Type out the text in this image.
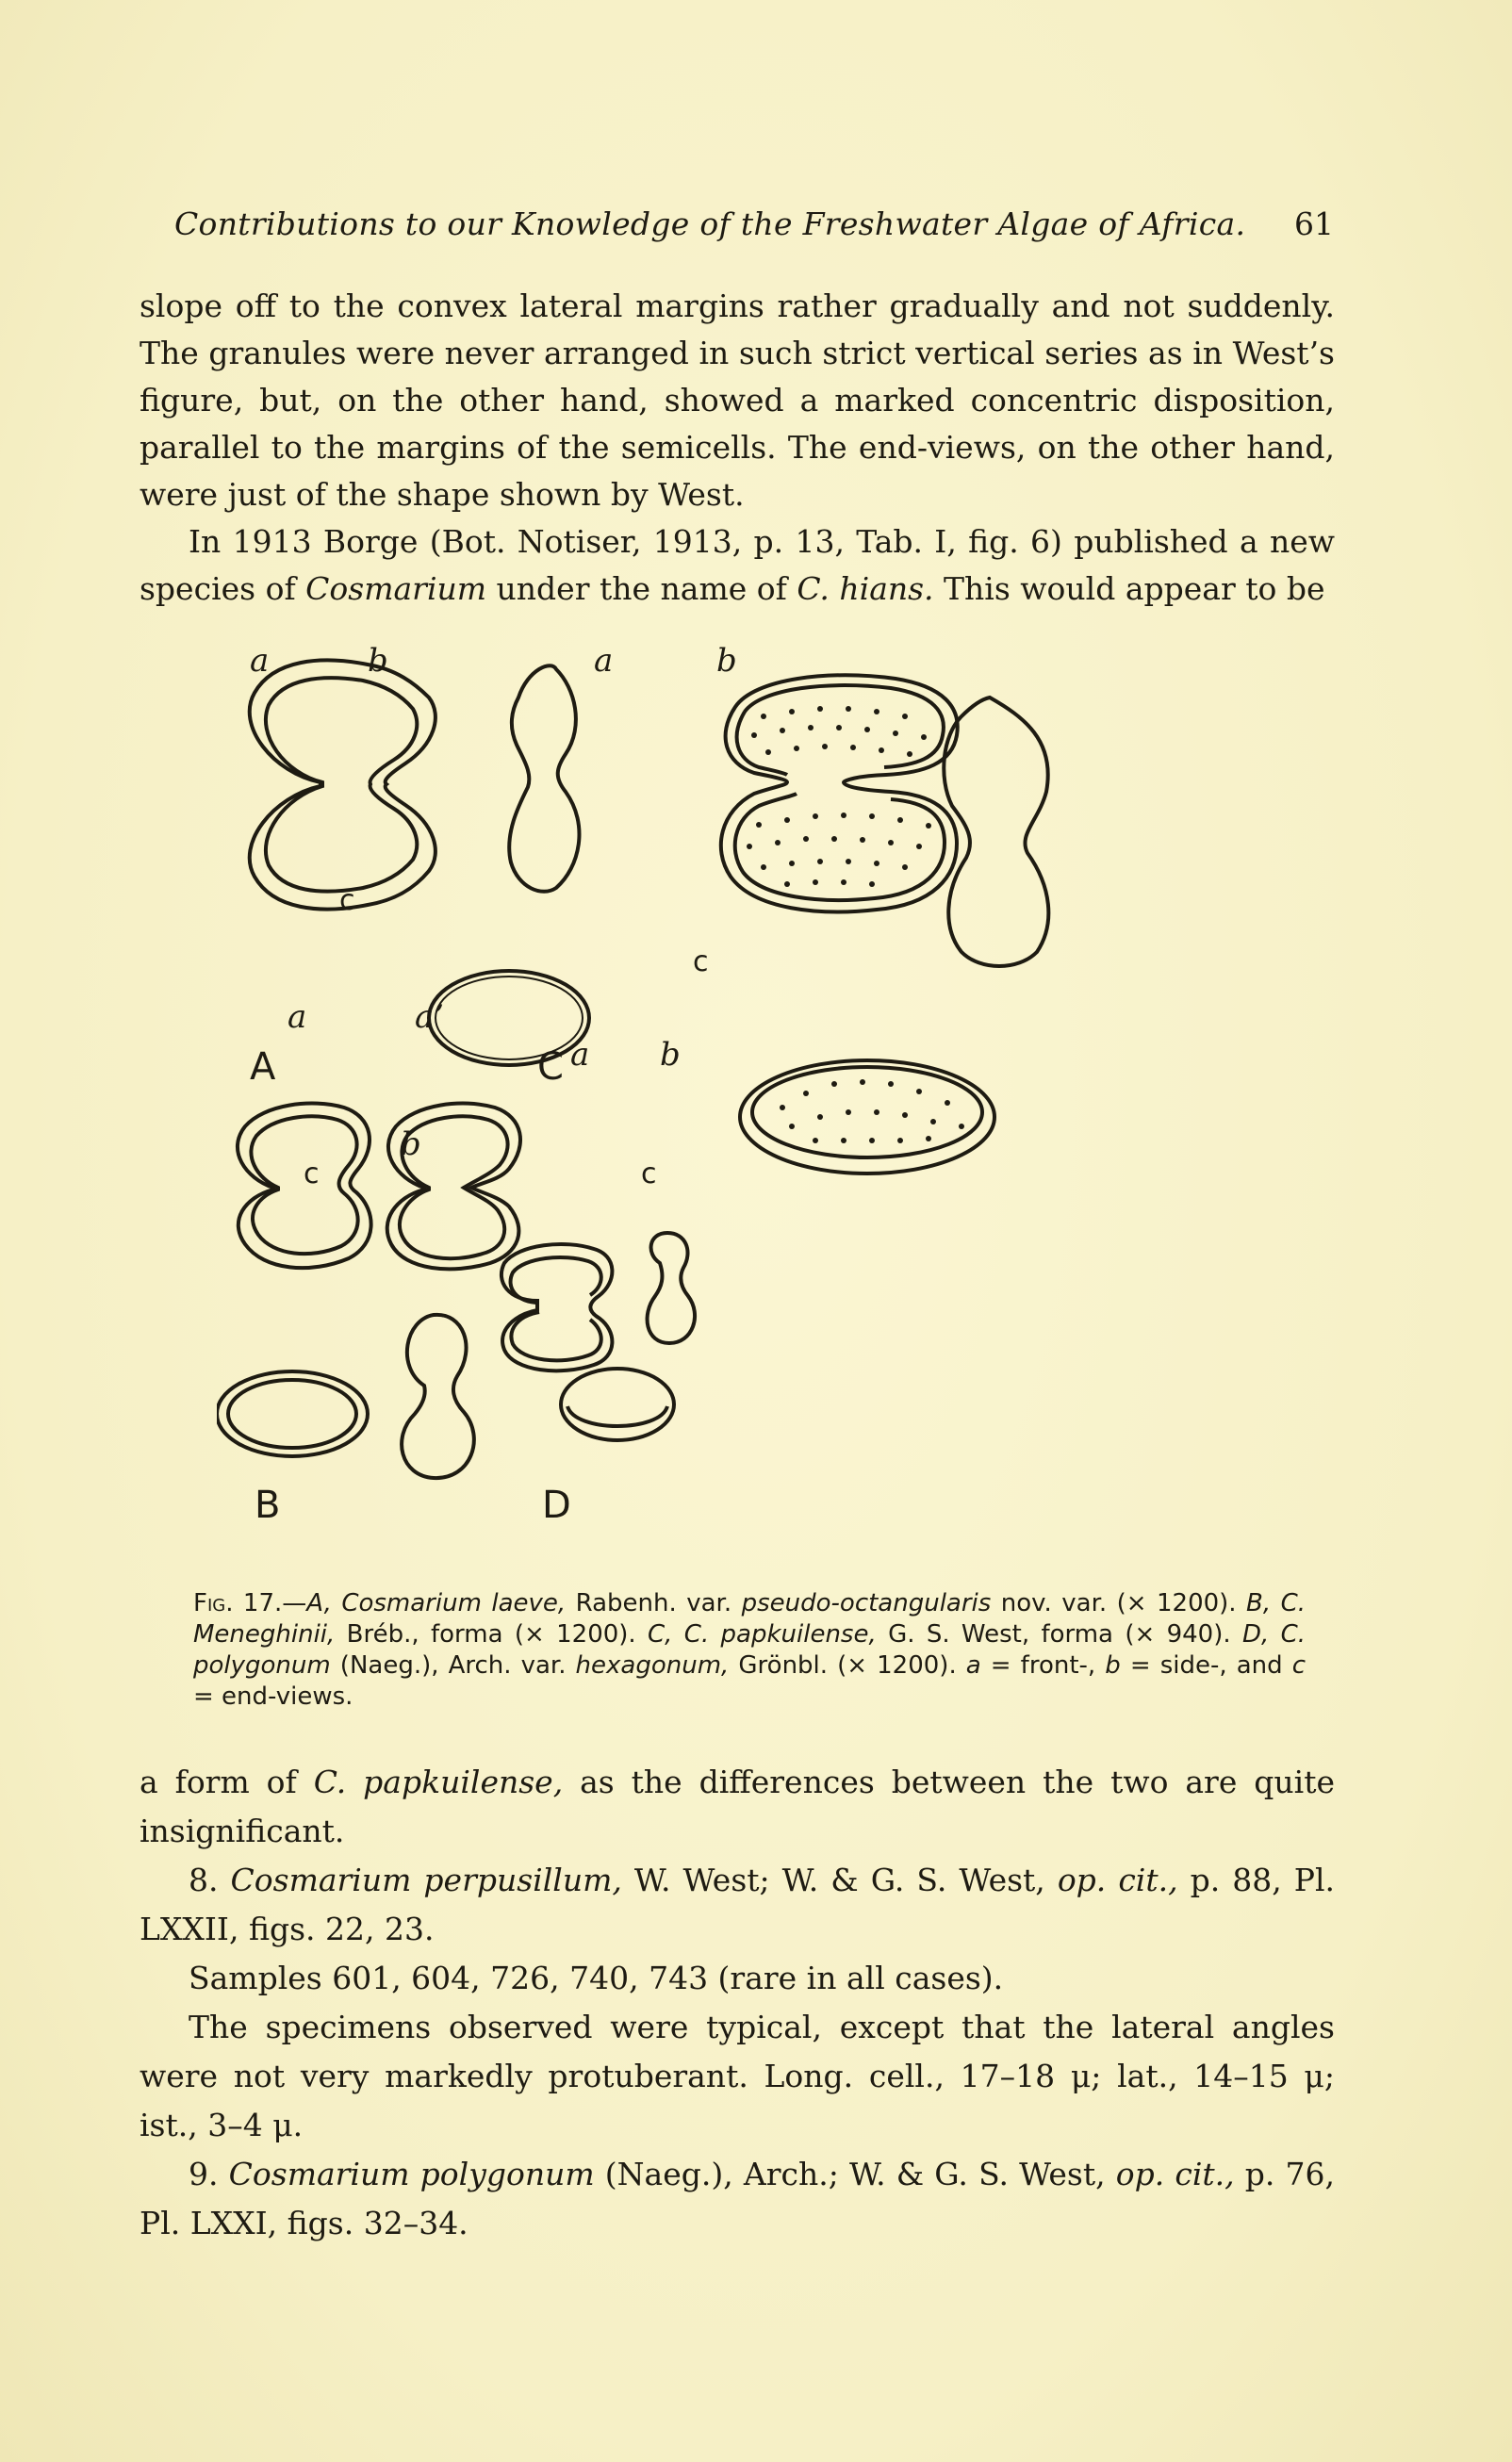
Contributions to our Knowledge of the Freshwater Algae of Africa. 61

slope off to the convex lateral margins rather gradually and not suddenly. The granules were never arranged in such strict vertical series as in West’s figure, but, on the other hand, showed a marked concentric disposition, parallel to the margins of the semicells. The end-views, on the other hand, were just of the shape shown by West.

In 1913 Borge (Bot. Notiser, 1913, p. 13, Tab. I, fig. 6) published a new species of Cosmarium under the name of C. hians. This would appear to be

a	b	a	b
a	a’
a b
b
c
c
c	c
A	C
B	D
Fig. 17.—A, Cosmarium laeve, Rabenh. var. pseudo-octangularis nov. var. (× 1200). B, C. Meneghinii, Bréb., forma (× 1200). C, C. papkuilense, G. S. West, forma (× 940). D, C. polygonum (Naeg.), Arch. var. hexagonum, Grönbl. (× 1200). a = front-, b = side-, and c = end-views.

a form of C. papkuilense, as the differences between the two are quite insignificant.

8. Cosmarium perpusillum, W. West; W. & G. S. West, op. cit., p. 88, Pl. LXXII, figs. 22, 23.

Samples 601, 604, 726, 740, 743 (rare in all cases).

The specimens observed were typical, except that the lateral angles were not very markedly protuberant. Long. cell., 17–18 μ; lat., 14–15 μ; ist., 3–4 μ.

9. Cosmarium polygonum (Naeg.), Arch.; W. & G. S. West, op. cit., p. 76, Pl. LXXI, figs. 32–34.
